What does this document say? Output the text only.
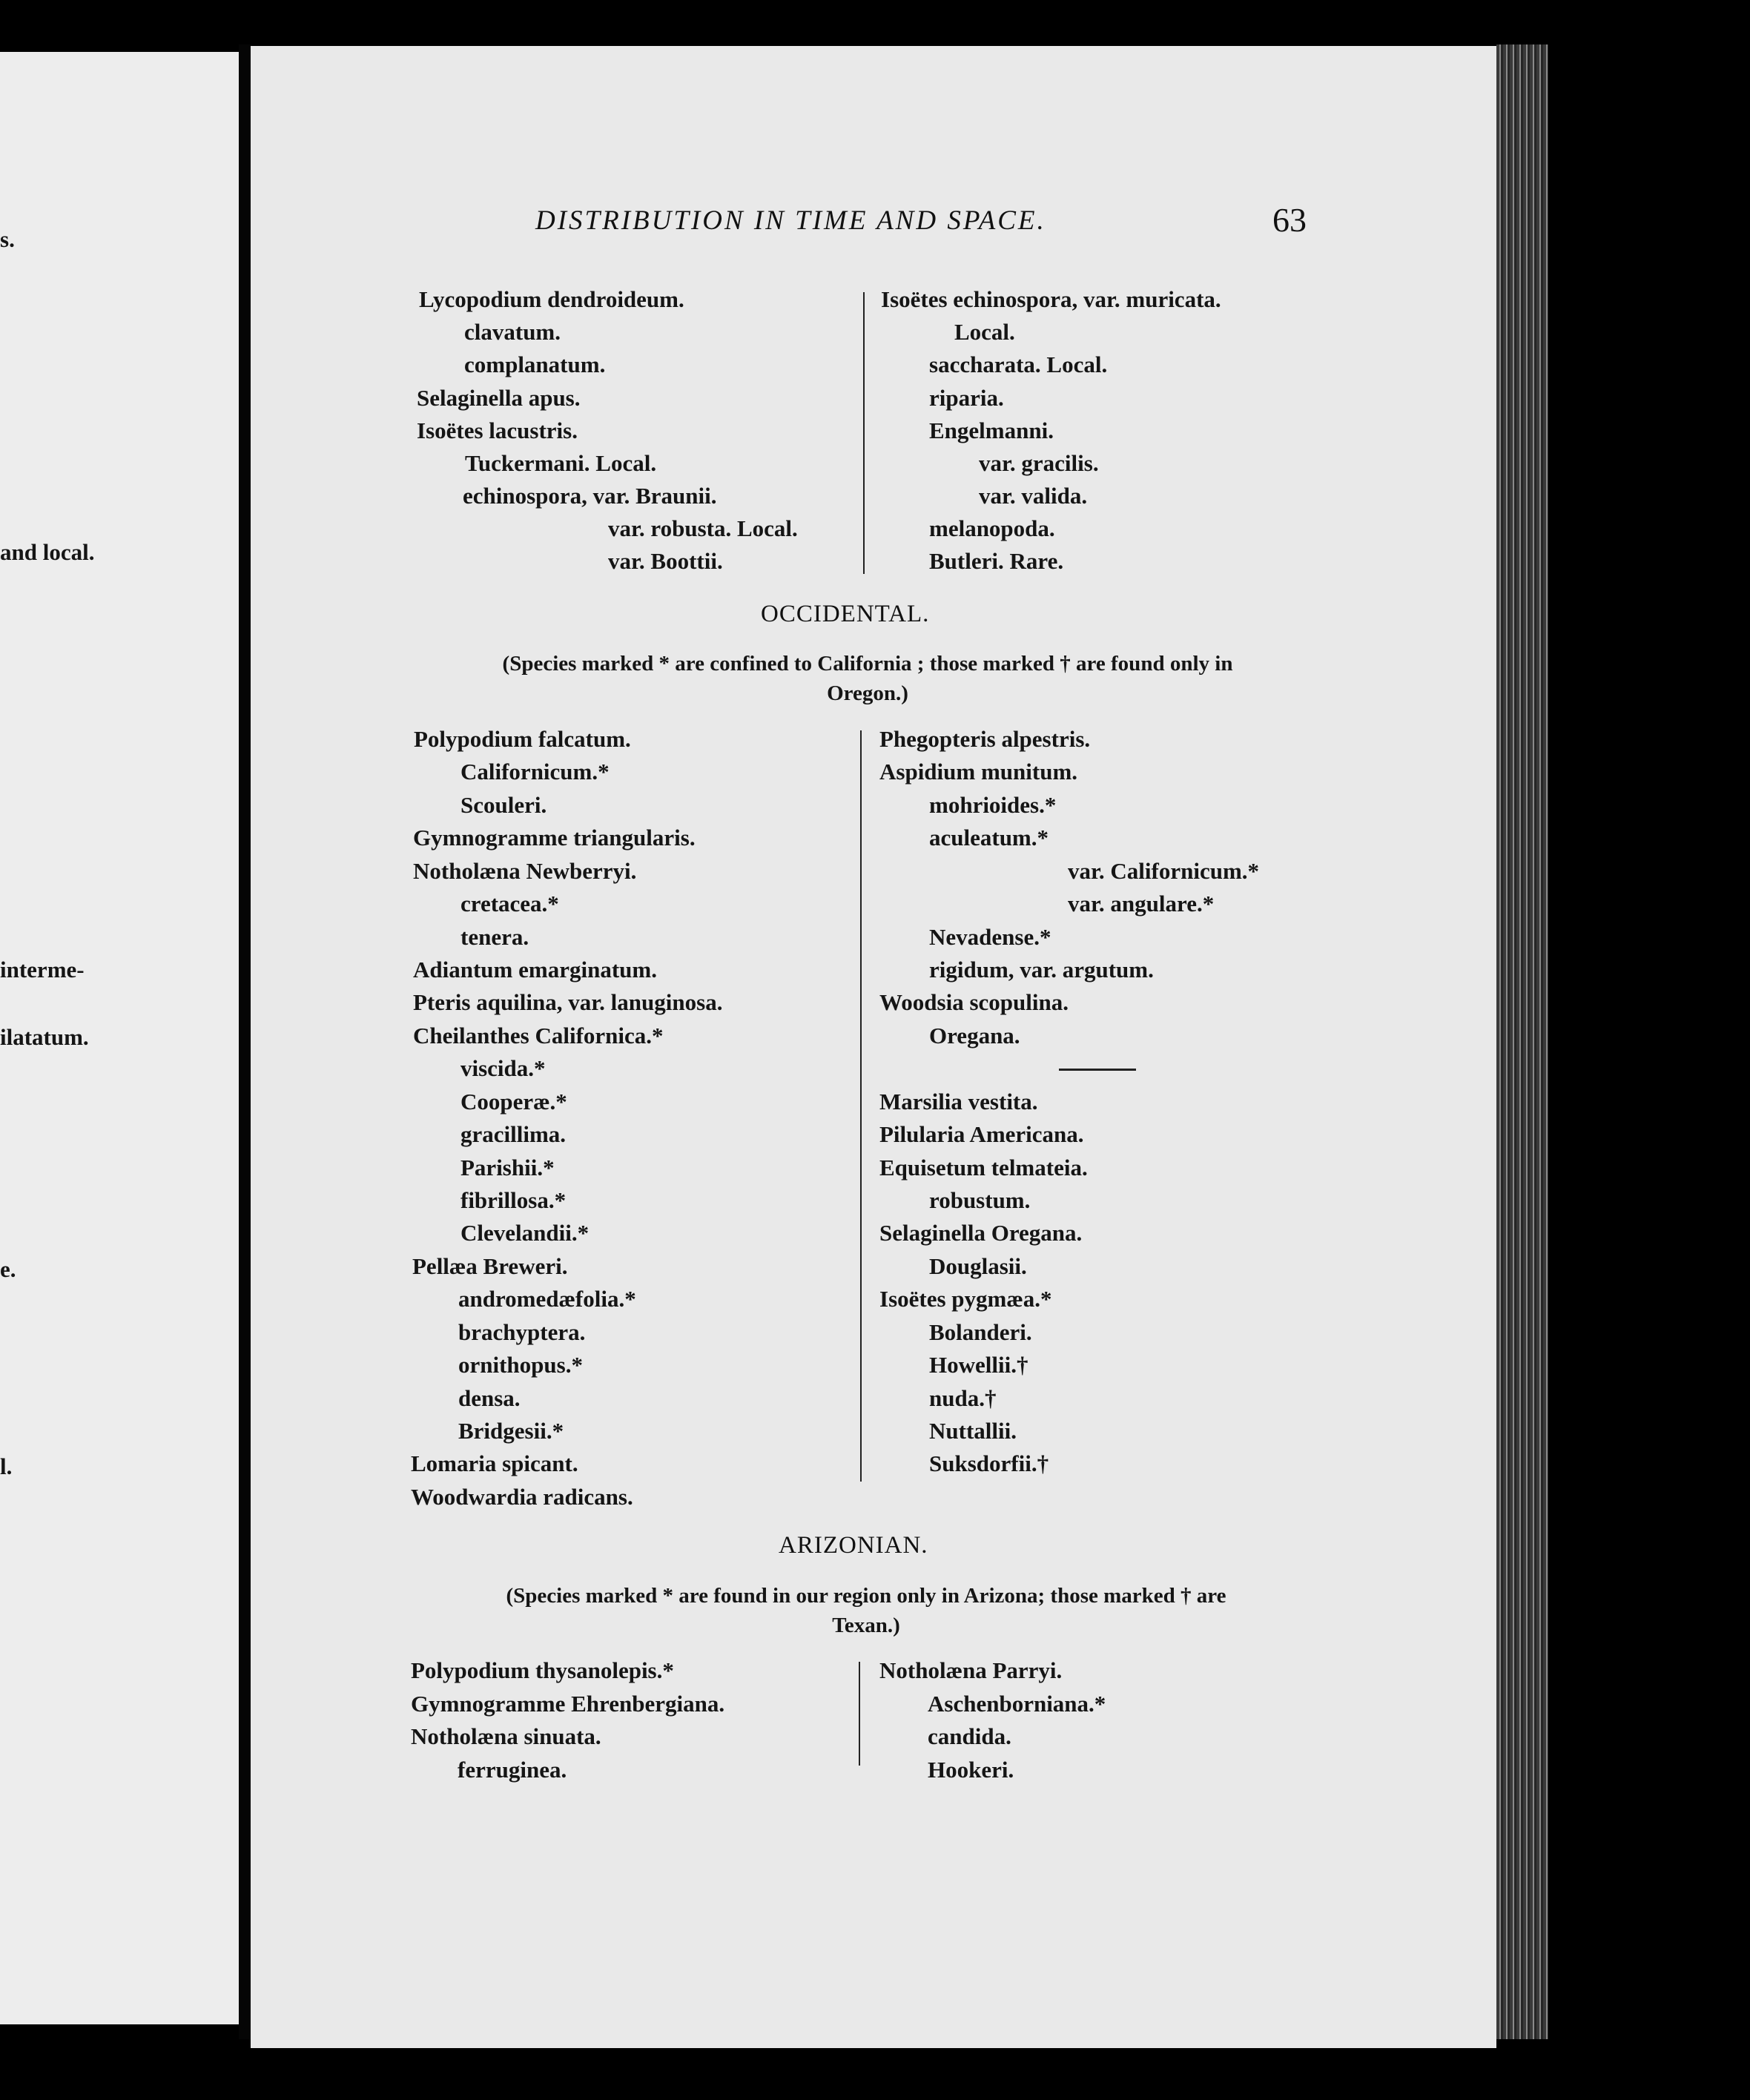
s.
and local.
interme-
ilatatum.
e.
l.
DISTRIBUTION IN TIME AND SPACE.	63
Lycopodium dendroideum.
clavatum.
complanatum.
Selaginella apus.
Isoëtes lacustris.
Tuckermani. Local.
echinospora, var. Braunii.
var. robusta. Local.
var. Boottii.
Isoëtes echinospora, var. muricata.
Local.
saccharata. Local.
riparia.
Engelmanni.
var. gracilis.
var. valida.
melanopoda.
Butleri. Rare.
OCCIDENTAL.
(Species marked * are confined to California ; those marked † are found only in
Oregon.)
Polypodium falcatum.
Californicum.*
Scouleri.
Gymnogramme triangularis.
Notholæna Newberryi.
cretacea.*
tenera.
Adiantum emarginatum.
Pteris aquilina, var. lanuginosa.
Cheilanthes Californica.*
viscida.*
Cooperæ.*
gracillima.
Parishii.*
fibrillosa.*
Clevelandii.*
Pellæa Breweri.
andromedæfolia.*
brachyptera.
ornithopus.*
densa.
Bridgesii.*
Lomaria spicant.
Woodwardia radicans.
Phegopteris alpestris.
Aspidium munitum.
mohrioides.*
aculeatum.*
var. Californicum.*
var. angulare.*
Nevadense.*
rigidum, var. argutum.
Woodsia scopulina.
Oregana.
Marsilia vestita.
Pilularia Americana.
Equisetum telmateia.
robustum.
Selaginella Oregana.
Douglasii.
Isoëtes pygmæa.*
Bolanderi.
Howellii.†
nuda.†
Nuttallii.
Suksdorfii.†
ARIZONIAN.
(Species marked * are found in our region only in Arizona; those marked † are
Texan.)
Polypodium thysanolepis.*
Gymnogramme Ehrenbergiana.
Notholæna sinuata.
ferruginea.
Notholæna Parryi.
Aschenborniana.*
candida.
Hookeri.
